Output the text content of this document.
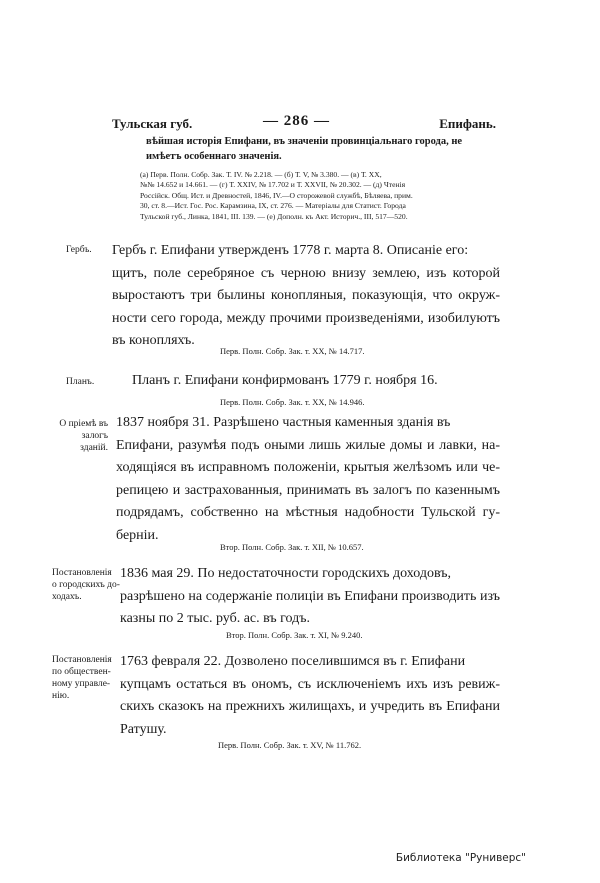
Тульская губ.	— 286 —	Епифань.
вѣйшая исторія Епифани, въ значеніи провинціальнаго города, не
имѣетъ особеннаго значенія.
(а) Перв. Полн. Собр. Зак. Т. IV. № 2.218. — (б) Т. V, № 3.380. — (в) Т. XX,
№№ 14.652 и 14.661. — (г) Т. XXIV, № 17.702 и Т. XXVII, № 20.302. — (д) Чтенія
Россійск. Общ. Ист. и Древностей, 1846, IV.—О сторожевой службѣ, Бѣляева, прим.
30, ст. 8.—Ист. Гос. Рос. Карамзина, IX, ст. 276. — Матеріалы для Статист. Города
Тульской губ., Линка, 1841, III. 139. — (е) Дополн. къ Акт. Историч., III, 517—520.
Гербъ. Гербъ г. Епифани утвержденъ 1778 г. марта 8. Описаніе его:
щитъ, поле серебряное съ черною внизу землею, изъ которой
выростаютъ три былины конопляныя, показующія, что окруж-
ности сего города, между прочими произведеніями, изобилуютъ
въ конопляхъ.
Перв. Полн. Собр. Зак. т. XX, № 14.717.
Планъ.	Планъ г. Епифани конфирмованъ 1779 г. ноября 16.
Перв. Полн. Собр. Зак. т. XX, № 14.946.
О пріемѣ въ
залогъ зданій.
1837 ноября 31. Разрѣшено частныя каменныя зданія въ
Епифани, разумѣя подъ оными лишь жилые домы и лавки, на-
ходящіяся въ исправномъ положеніи, крытыя желѣзомъ или че-
репицею и застрахованныя, принимать въ залогъ по казеннымъ
подрядамъ, собственно на мѣстныя надобности Тульской гу-
берніи.
Втор. Полн. Собр. Зак. т. XII, № 10.657.
Постановленія
о городскихъ до-
ходахъ.
1836 мая 29. По недостаточности городскихъ доходовъ,
разрѣшено на содержаніе полиціи въ Епифани производить изъ
казны по 2 тыс. руб. ас. въ годъ.
Втор. Полн. Собр. Зак. т. XI, № 9.240.
Постановленія
по обществен-
ному управле-
нію.
1763 февраля 22. Дозволено поселившимся въ г. Епифани
купцамъ остаться въ ономъ, съ исключеніемъ ихъ изъ ревиж-
скихъ сказокъ на прежнихъ жилищахъ, и учредить въ Епифани
Ратушу.
Перв. Полн. Собр. Зак. т. XV, № 11.762.
Библиотека "Руниверс"
